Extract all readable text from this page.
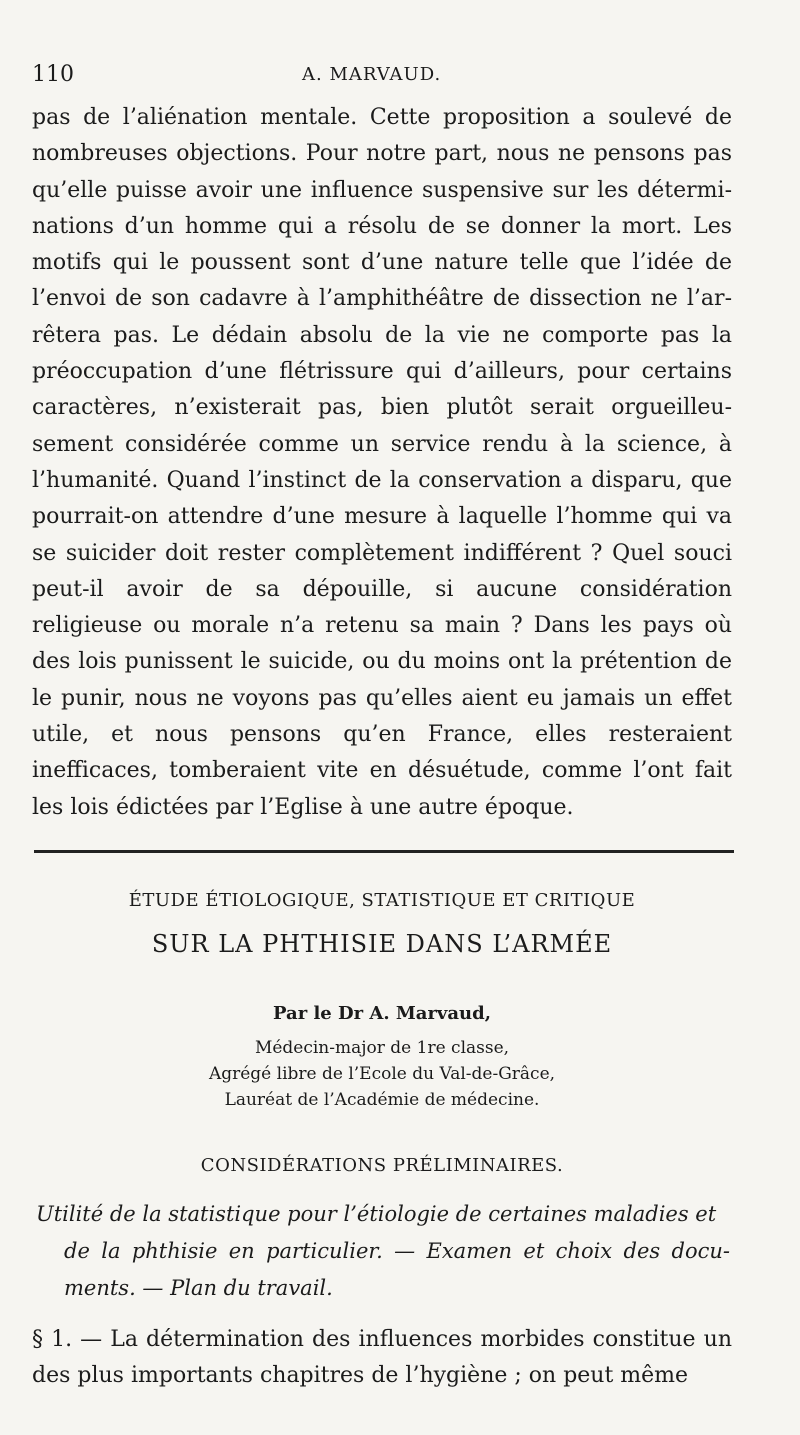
110	A. MARVAUD.
pas de l’aliénation mentale. Cette proposition a soulevé de nombreuses objections. Pour notre part, nous ne pensons pas qu’elle puisse avoir une influence suspensive sur les déterminations d’un homme qui a résolu de se donner la mort. Les motifs qui le poussent sont d’une nature telle que l’idée de l’envoi de son cadavre à l’amphithéâtre de dissection ne l’arrêtera pas. Le dédain absolu de la vie ne comporte pas la préoccupation d’une flétrissure qui d’ailleurs, pour certains caractères, n’existerait pas, bien plutôt serait orgueilleusement considérée comme un service rendu à la science, à l’humanité. Quand l’instinct de la conservation a disparu, que pourrait-on attendre d’une mesure à laquelle l’homme qui va se suicider doit rester complètement indifférent ? Quel souci peut-il avoir de sa dépouille, si aucune considération religieuse ou morale n’a retenu sa main ? Dans les pays où des lois punissent le suicide, ou du moins ont la prétention de le punir, nous ne voyons pas qu’elles aient eu jamais un effet utile, et nous pensons qu’en France, elles resteraient inefficaces, tomberaient vite en désuétude, comme l’ont fait les lois édictées par l’Eglise à une autre époque.
ÉTUDE ÉTIOLOGIQUE, STATISTIQUE ET CRITIQUE
SUR LA PHTHISIE DANS L’ARMÉE
Par le Dr A. Marvaud,
Médecin-major de 1re classe,
Agrégé libre de l’Ecole du Val-de-Grâce,
Lauréat de l’Académie de médecine.
CONSIDÉRATIONS PRÉLIMINAIRES.
Utilité de la statistique pour l’étiologie de certaines maladies et
de la phthisie en particulier. — Examen et choix des documents. — Plan du travail.
§ 1. — La détermination des influences morbides constitue un des plus importants chapitres de l’hygiène ; on peut même
